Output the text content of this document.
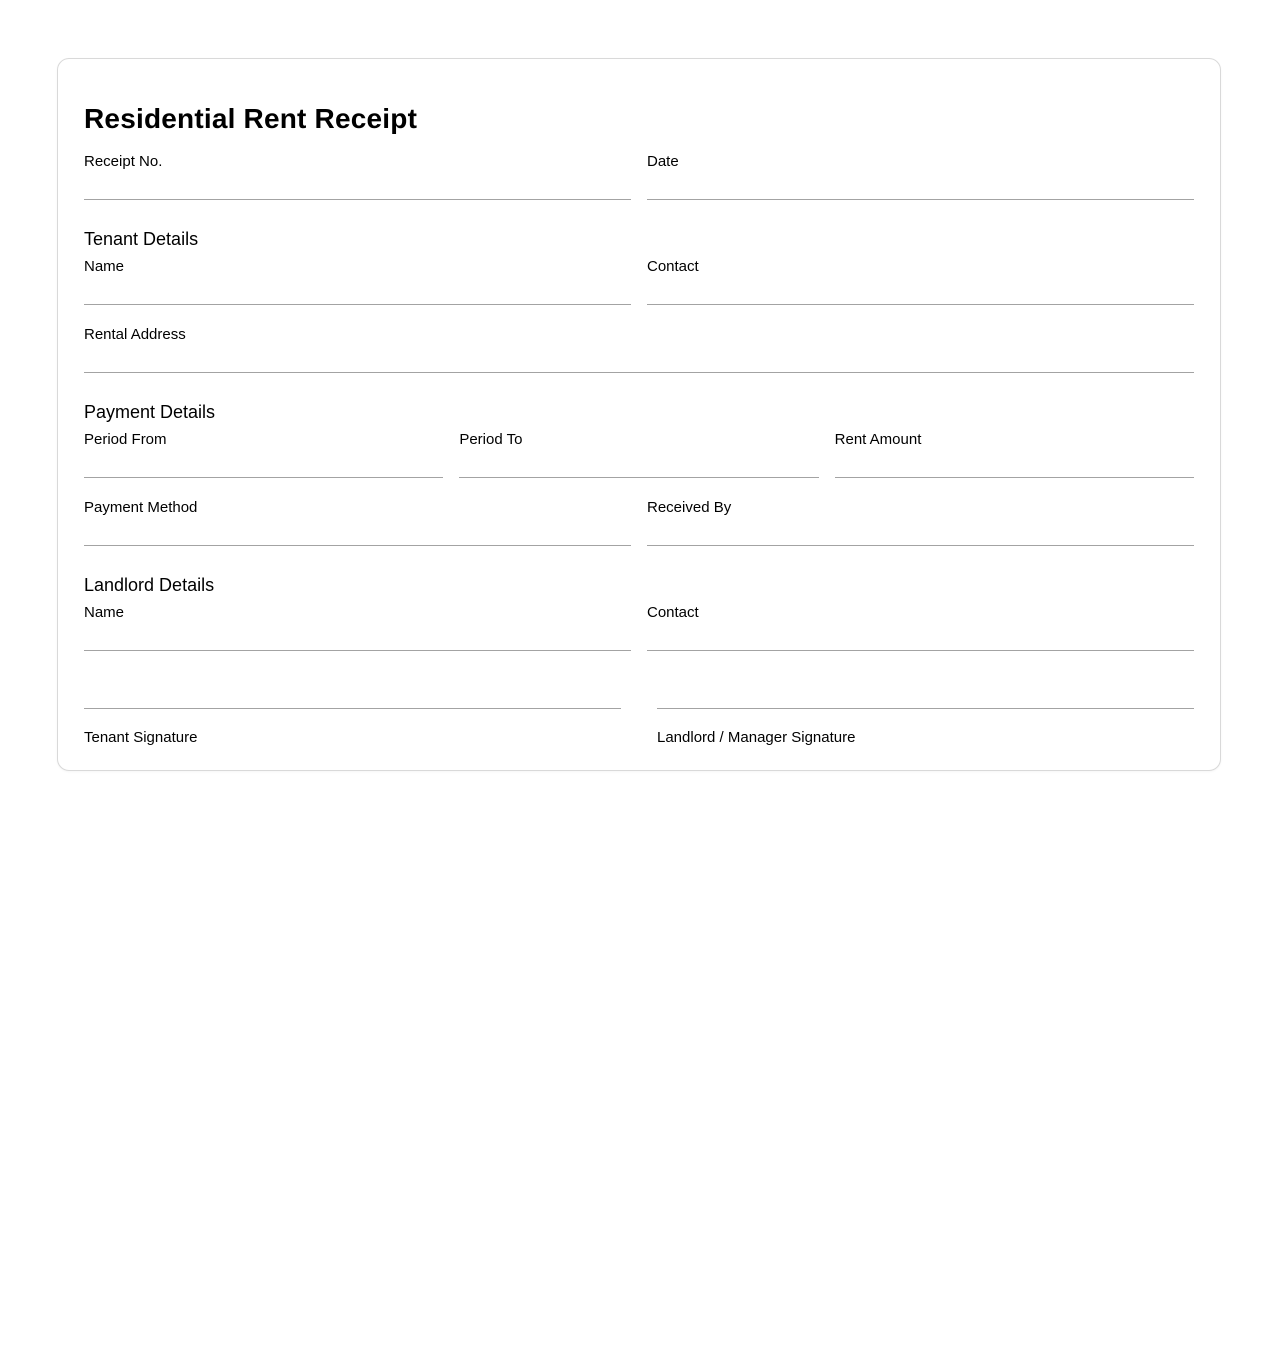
Residential Rent Receipt
Receipt No.	Date
Tenant Details
Name	Contact
Rental Address
Payment Details
Period From	Period To	Rent Amount
Payment Method	Received By
Landlord Details
Name	Contact
Tenant Signature	Landlord / Manager Signature
